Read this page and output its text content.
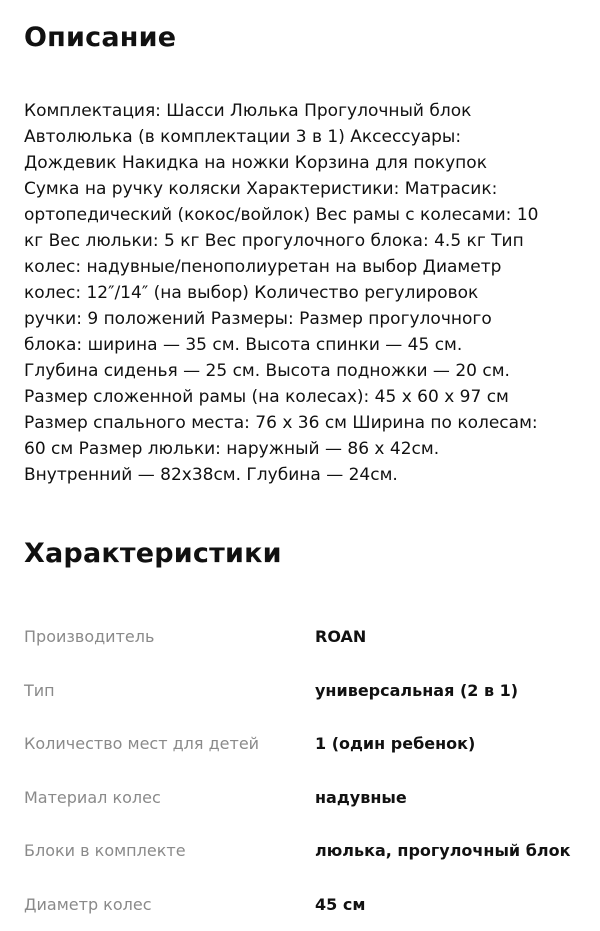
Описание

Комплектация: Шасси Люлька Прогулочный блок
Автолюлька (в комплектации 3 в 1) Аксессуары:
Дождевик Накидка на ножки Корзина для покупок
Сумка на ручку коляски Характеристики: Матрасик:
ортопедический (кокос/войлок) Вес рамы с колесами: 10
кг Вес люльки: 5 кг Вес прогулочного блока: 4.5 кг Тип
колес: надувные/пенополиуретан на выбор Диаметр
колес: 12″/14″ (на выбор) Количество регулировок
ручки: 9 положений Размеры: Размер прогулочного
блока: ширина — 35 см. Высота спинки — 45 см.
Глубина сиденья — 25 см. Высота подножки — 20 см.
Размер сложенной рамы (на колесах): 45 х 60 х 97 см
Размер спального места: 76 х 36 см Ширина по колесам:
60 см Размер люльки: наружный — 86 х 42см.
Внутренний — 82х38см. Глубина — 24см.

Характеристики
Производитель	ROAN
Тип	универсальная (2 в 1)
Количество мест для детей	1 (один ребенок)
Материал колес	надувные
Блоки в комплекте	люлька, прогулочный блок
Диаметр колес	45 см
